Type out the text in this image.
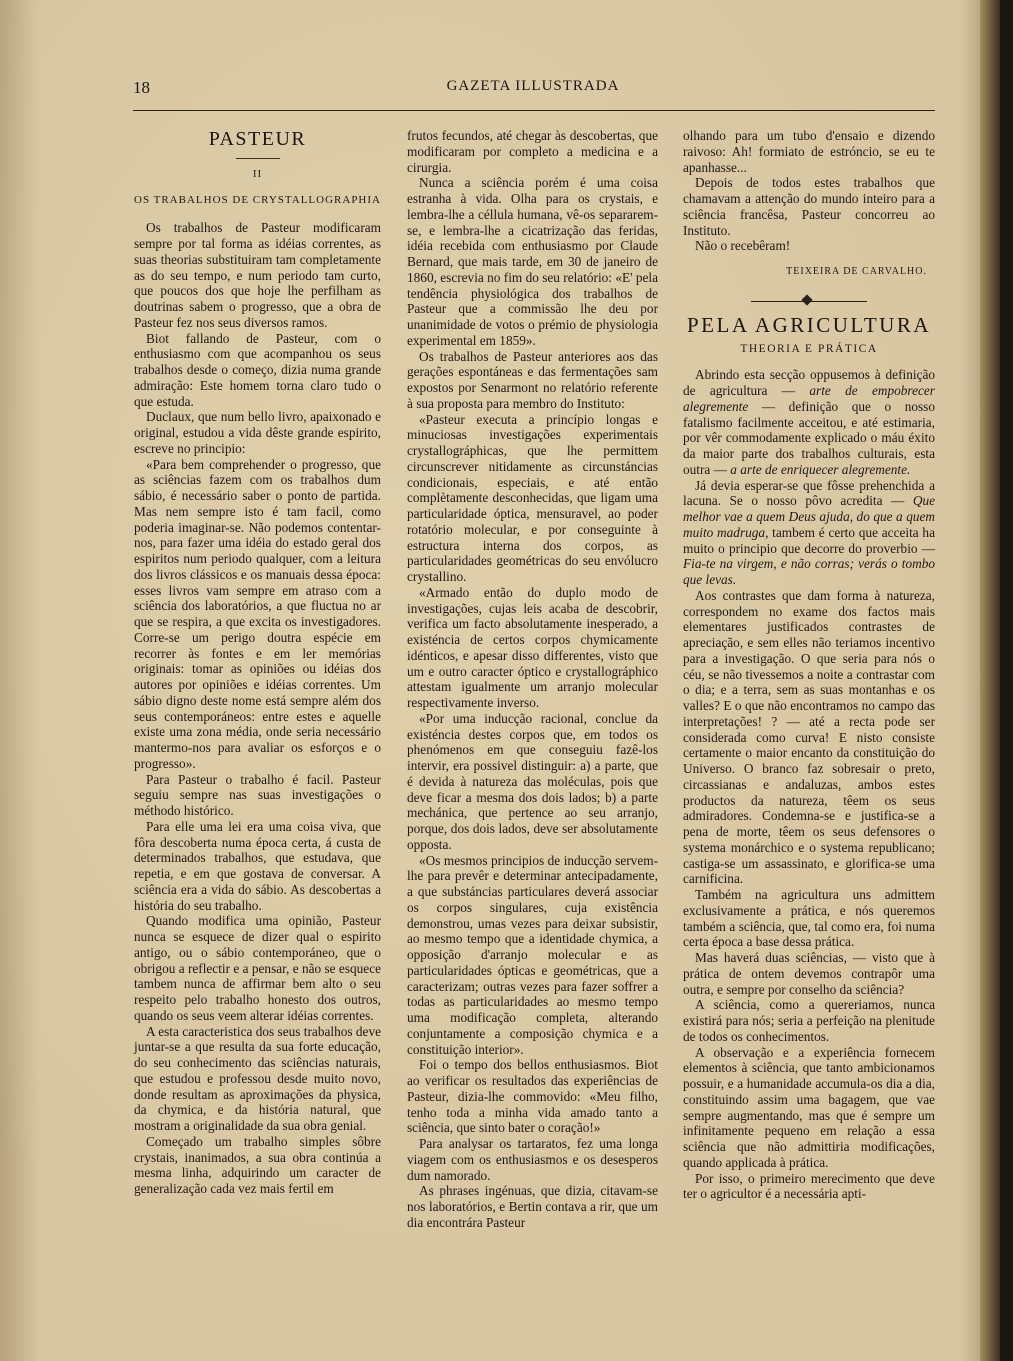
18	GAZETA ILLUSTRADA
PASTEUR
II
OS TRABALHOS DE CRYSTALLOGRAPHIA

Os trabalhos de Pasteur modificaram sempre por tal forma as idéias correntes, as suas theorias substituiram tam completamente as do seu tempo, e num periodo tam curto, que poucos dos que hoje lhe perfilham as doutrinas sabem o progresso, que a obra de Pasteur fez nos seus diversos ramos.

Biot fallando de Pasteur, com o enthusiasmo com que acompanhou os seus trabalhos desde o começo, dizia numa grande admiração: Este homem torna claro tudo o que estuda.

Duclaux, que num bello livro, apaixonado e original, estudou a vida dêste grande espirito, escreve no principio:

«Para bem comprehender o progresso, que as sciências fazem com os trabalhos dum sábio, é necessário saber o ponto de partida. Mas nem sempre isto é tam facil, como poderia imaginar-se. Não podemos contentar-nos, para fazer uma idéia do estado geral dos espiritos num periodo qualquer, com a leitura dos livros clássicos e os manuais dessa época: esses livros vam sempre em atraso com a sciência dos laboratórios, a que fluctua no ar que se respira, a que excita os investigadores. Corre-se um perigo doutra espécie em recorrer às fontes e em ler memórias originais: tomar as opiniões ou idéias dos autores por opiniões e idéias correntes. Um sábio digno deste nome está sempre além dos seus contemporáneos: entre estes e aquelle existe uma zona média, onde seria necessário mantermo-nos para avaliar os esforços e o progresso».

Para Pasteur o trabalho é facil. Pasteur seguiu sempre nas suas investigações o méthodo histórico.

Para elle uma lei era uma coisa viva, que fôra descoberta numa época certa, á custa de determinados trabalhos, que estudava, que repetia, e em que gostava de conversar. A sciência era a vida do sábio. As descobertas a história do seu trabalho.

Quando modifica uma opinião, Pasteur nunca se esquece de dizer qual o espirito antigo, ou o sábio contemporáneo, que o obrigou a reflectir e a pensar, e não se esquece tambem nunca de affirmar bem alto o seu respeito pelo trabalho honesto dos outros, quando os seus veem alterar idéias correntes.

A esta caracteristica dos seus trabalhos deve juntar-se a que resulta da sua forte educação, do seu conhecimento das sciências naturais, que estudou e professou desde muito novo, donde resultam as aproximações da physica, da chymica, e da história natural, que mostram a originalidade da sua obra genial.

Começado um trabalho simples sôbre crystais, inanimados, a sua obra continúa a mesma linha, adquirindo um caracter de generalização cada vez mais fertil em

frutos fecundos, até chegar às descobertas, que modificaram por completo a medicina e a cirurgia.

Nunca a sciência porém é uma coisa estranha à vida. Olha para os crystais, e lembra-lhe a céllula humana, vê-os separarem-se, e lembra-lhe a cicatrização das feridas, idéia recebida com enthusiasmo por Claude Bernard, que mais tarde, em 30 de janeiro de 1860, escrevia no fim do seu relatório: «E' pela tendência physiológica dos trabalhos de Pasteur que a commissão lhe deu por unanimidade de votos o prémio de physiologia experimental em 1859».

Os trabalhos de Pasteur anteriores aos das gerações espontáneas e das fermentações sam expostos por Senarmont no relatório referente à sua proposta para membro do Instituto:

«Pasteur executa a princípio longas e minuciosas investigações experimentais crystallográphicas, que lhe permittem circunscrever nitidamente as circunstáncias condicionais, especiais, e até então complètamente desconhecidas, que ligam uma particularidade óptica, mensuravel, ao poder rotatório molecular, e por conseguinte à estructura interna dos corpos, as particularidades geométricas do seu envólucro crystallino.

«Armado então do duplo modo de investigações, cujas leis acaba de descobrir, verifica um facto absolutamente inesperado, a existéncia de certos corpos chymicamente idénticos, e apesar disso differentes, visto que um e outro caracter óptico e crystallográphico attestam igualmente um arranjo molecular respectivamente inverso.

«Por uma inducção racional, conclue da existéncia destes corpos que, em todos os phenómenos em que conseguiu fazê-los intervir, era possivel distinguir: a) a parte, que é devida à natureza das moléculas, pois que deve ficar a mesma dos dois lados; b) a parte mechánica, que pertence ao seu arranjo, porque, dos dois lados, deve ser absolutamente opposta.

«Os mesmos principios de inducção servem-lhe para prevêr e determinar antecipadamente, a que substáncias particulares deverá associar os corpos singulares, cuja existência demonstrou, umas vezes para deixar subsistir, ao mesmo tempo que a identidade chymica, a opposição d'arranjo molecular e as particularidades ópticas e geométricas, que a caracterizam; outras vezes para fazer soffrer a todas as particularidades ao mesmo tempo uma modificação completa, alterando conjuntamente a composição chymica e a constituição interior».

Foi o tempo dos bellos enthusiasmos. Biot ao verificar os resultados das experiências de Pasteur, dizia-lhe commovido: «Meu filho, tenho toda a minha vida amado tanto a sciência, que sinto bater o coração!»

Para analysar os tartaratos, fez uma longa viagem com os enthusiasmos e os desesperos dum namorado.

As phrases ingénuas, que dizia, citavam-se nos laboratórios, e Bertin contava a rir, que um dia encontrára Pasteur

olhando para um tubo d'ensaio e dizendo raivoso: Ah! formiato de estróncio, se eu te apanhasse...

Depois de todos estes trabalhos que chamavam a attenção do mundo inteiro para a sciência francêsa, Pasteur concorreu ao Instituto.

Não o recebêram!

TEIXEIRA DE CARVALHO.
PELA AGRICULTURA
THEORIA E PRÁTICA

Abrindo esta secção oppusemos à definição de agricultura — arte de empobrecer alegremente — definição que o nosso fatalismo facilmente acceitou, e até estimaria, por vêr commodamente explicado o máu éxito da maior parte dos trabalhos culturais, esta outra — a arte de enriquecer alegremente.

Já devia esperar-se que fôsse prehenchida a lacuna. Se o nosso pôvo acredita — Que melhor vae a quem Deus ajuda, do que a quem muito madruga, tambem é certo que acceita ha muito o principio que decorre do proverbio — Fia-te na virgem, e não corras; verás o tombo que levas.

Aos contrastes que dam forma à natureza, correspondem no exame dos factos mais elementares justificados contrastes de apreciação, e sem elles não teriamos incentivo para a investigação. O que seria para nós o céu, se não tivessemos a noite a contrastar com o dia; e a terra, sem as suas montanhas e os valles? E o que não encontramos no campo das interpretações! ? — até a recta pode ser considerada como curva! E nisto consiste certamente o maior encanto da constituição do Universo. O branco faz sobresair o preto, circassianas e andaluzas, ambos estes productos da natureza, têem os seus admiradores. Condemna-se e justifica-se a pena de morte, têem os seus defensores o systema monárchico e o systema republicano; castiga-se um assassinato, e glorifica-se uma carnificina.

Também na agricultura uns admittem exclusivamente a prática, e nós queremos também a sciência, que, tal como era, foi numa certa época a base dessa prática.

Mas haverá duas sciências, — visto que à prática de ontem devemos contrapôr uma outra, e sempre por conselho da sciência?

A sciência, como a quereriamos, nunca existirá para nós; seria a perfeição na plenitude de todos os conhecimentos.

A observação e a experiência fornecem elementos à sciência, que tanto ambicionamos possuir, e a humanidade accumula-os dia a dia, constituindo assim uma bagagem, que vae sempre augmentando, mas que é sempre um infinitamente pequeno em relação a essa sciência que não admittiria modificações, quando applicada à prática.

Por isso, o primeiro merecimento que deve ter o agricultor é a necessária apti-
